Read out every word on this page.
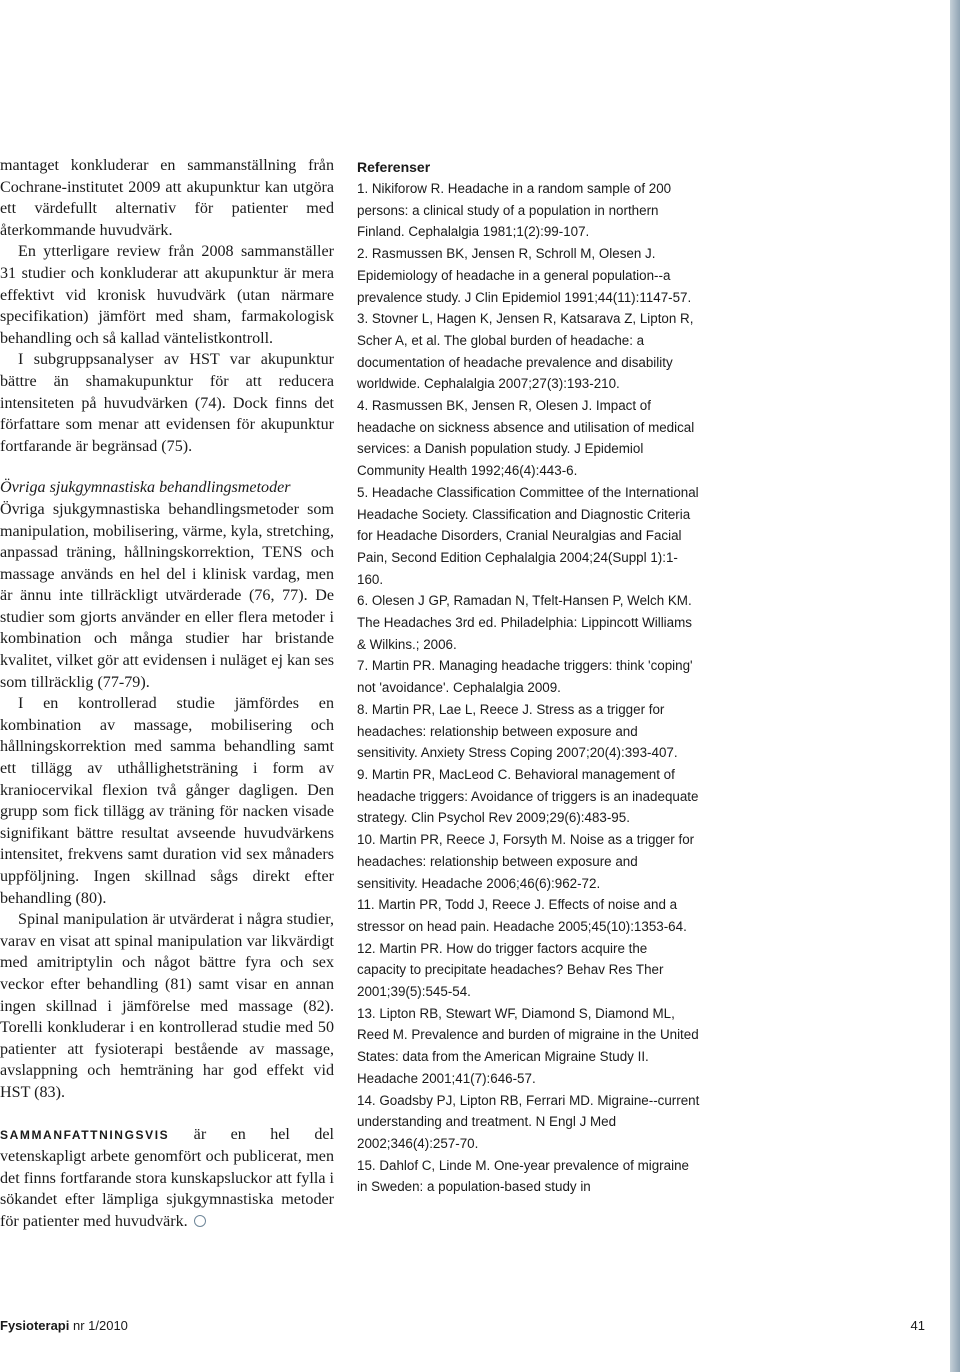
mantaget konkluderar en sammanställning från Cochrane-institutet 2009 att akupunktur kan utgöra ett värdefullt alternativ för patienter med återkommande huvudvärk.

En ytterligare review från 2008 sammanställer 31 studier och konkluderar att akupunktur är mera effektivt vid kronisk huvudvärk (utan närmare specifikation) jämfört med sham, farmakologisk behandling och så kallad väntelistkontroll.

I subgruppsanalyser av HST var akupunktur bättre än shamakupunktur för att reducera intensiteten på huvudvärken (74). Dock finns det författare som menar att evidensen för akupunktur fortfarande är begränsad (75).

Övriga sjukgymnastiska behandlingsmetoder

Övriga sjukgymnastiska behandlingsmetoder som manipulation, mobilisering, värme, kyla, stretching, anpassad träning, hållningskorrektion, TENS och massage används en hel del i klinisk vardag, men är ännu inte tillräckligt utvärderade (76, 77). De studier som gjorts använder en eller flera metoder i kombination och många studier har bristande kvalitet, vilket gör att evidensen i nuläget ej kan ses som tillräcklig (77-79).

I en kontrollerad studie jämfördes en kombination av massage, mobilisering och hållningskorrektion med samma behandling samt ett tillägg av uthållighetsträning i form av kraniocervikal flexion två gånger dagligen. Den grupp som fick tillägg av träning för nacken visade signifikant bättre resultat avseende huvudvärkens intensitet, frekvens samt duration vid sex månaders uppföljning. Ingen skillnad sågs direkt efter behandling (80).

Spinal manipulation är utvärderat i några studier, varav en visat att spinal manipulation var likvärdigt med amitriptylin och något bättre fyra och sex veckor efter behandling (81) samt visar en annan ingen skillnad i jämförelse med massage (82). Torelli konkluderar i en kontrollerad studie med 50 patienter att fysioterapi bestående av massage, avslappning och hemträning har god effekt vid HST (83).

SAMMANFATTNINGSVIS är en hel del vetenskapligt arbete genomfört och publicerat, men det finns fortfarande stora kunskapsluckor att fylla i sökandet efter lämpliga sjukgymnastiska metoder för patienter med huvudvärk.

Referenser
1. Nikiforow R. Headache in a random sample of 200 persons: a clinical study of a population in northern Finland. Cephalalgia 1981;1(2):99-107.
2. Rasmussen BK, Jensen R, Schroll M, Olesen J. Epidemiology of headache in a general population--a prevalence study. J Clin Epidemiol 1991;44(11):1147-57.
3. Stovner L, Hagen K, Jensen R, Katsarava Z, Lipton R, Scher A, et al. The global burden of headache: a documentation of headache prevalence and disability worldwide. Cephalalgia 2007;27(3):193-210.
4. Rasmussen BK, Jensen R, Olesen J. Impact of headache on sickness absence and utilisation of medical services: a Danish population study. J Epidemiol Community Health 1992;46(4):443-6.
5. Headache Classification Committee of the International Headache Society. Classification and Diagnostic Criteria for Headache Disorders, Cranial Neuralgias and Facial Pain, Second Edition Cephalalgia 2004;24(Suppl 1):1-160.
6. Olesen J GP, Ramadan N, Tfelt-Hansen P, Welch KM. The Headaches 3rd ed. Philadelphia: Lippincott Williams & Wilkins.; 2006.
7. Martin PR. Managing headache triggers: think 'coping' not 'avoidance'. Cephalalgia 2009.
8. Martin PR, Lae L, Reece J. Stress as a trigger for headaches: relationship between exposure and sensitivity. Anxiety Stress Coping 2007;20(4):393-407.
9. Martin PR, MacLeod C. Behavioral management of headache triggers: Avoidance of triggers is an inadequate strategy. Clin Psychol Rev 2009;29(6):483-95.
10. Martin PR, Reece J, Forsyth M. Noise as a trigger for headaches: relationship between exposure and sensitivity. Headache 2006;46(6):962-72.
11. Martin PR, Todd J, Reece J. Effects of noise and a stressor on head pain. Headache 2005;45(10):1353-64.
12. Martin PR. How do trigger factors acquire the capacity to precipitate headaches? Behav Res Ther 2001;39(5):545-54.
13. Lipton RB, Stewart WF, Diamond S, Diamond ML, Reed M. Prevalence and burden of migraine in the United States: data from the American Migraine Study II. Headache 2001;41(7):646-57.
14. Goadsby PJ, Lipton RB, Ferrari MD. Migraine--current understanding and treatment. N Engl J Med 2002;346(4):257-70.
15. Dahlof C, Linde M. One-year prevalence of migraine in Sweden: a population-based study in
Fysioterapi nr 1/2010	41
